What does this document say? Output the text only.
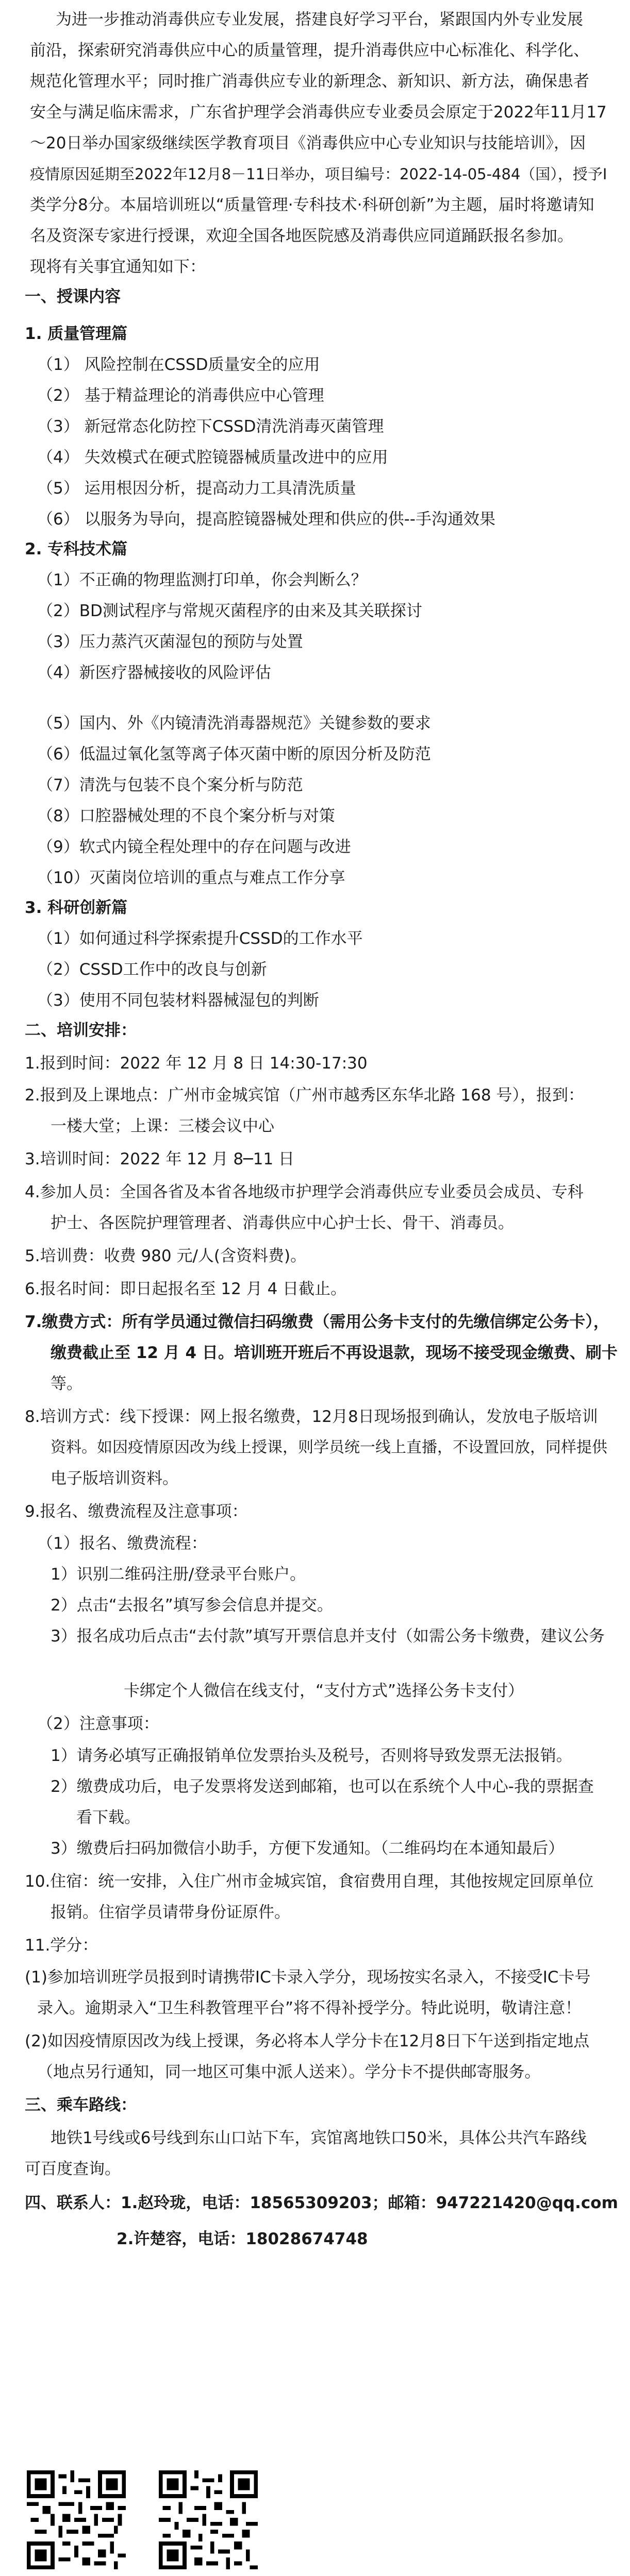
为进一步推动消毒供应专业发展，搭建良好学习平台，紧跟国内外专业发展
前沿，探索研究消毒供应中心的质量管理，提升消毒供应中心标准化、科学化、
规范化管理水平；同时推广消毒供应专业的新理念、新知识、新方法，确保患者
安全与满足临床需求，广东省护理学会消毒供应专业委员会原定于2022年11月17
～20日举办国家级继续医学教育项目《消毒供应中心专业知识与技能培训》，因
疫情原因延期至2022年12月8－11日举办，项目编号：2022-14-05-484（国），授予I
类学分8分。本届培训班以“质量管理·专科技术·科研创新”为主题，届时将邀请知
名及资深专家进行授课，欢迎全国各地医院感及消毒供应同道踊跃报名参加。
现将有关事宜通知如下：
一、授课内容
1. 质量管理篇
（1） 风险控制在CSSD质量安全的应用
（2） 基于精益理论的消毒供应中心管理
（3） 新冠常态化防控下CSSD清洗消毒灭菌管理
（4） 失效模式在硬式腔镜器械质量改进中的应用
（5） 运用根因分析，提高动力工具清洗质量
（6） 以服务为导向，提高腔镜器械处理和供应的供--手沟通效果
2. 专科技术篇
（1）不正确的物理监测打印单，你会判断么？
（2）BD测试程序与常规灭菌程序的由来及其关联探讨
（3）压力蒸汽灭菌湿包的预防与处置
（4）新医疗器械接收的风险评估
（5）国内、外《内镜清洗消毒器规范》关键参数的要求
（6）低温过氧化氢等离子体灭菌中断的原因分析及防范
（7）清洗与包装不良个案分析与防范
（8）口腔器械处理的不良个案分析与对策
（9）软式内镜全程处理中的存在问题与改进
（10）灭菌岗位培训的重点与难点工作分享
3. 科研创新篇
（1）如何通过科学探索提升CSSD的工作水平
（2）CSSD工作中的改良与创新
（3）使用不同包装材料器械湿包的判断
二、培训安排：
1.报到时间：2022 年 12 月 8 日 14:30-17:30
2.报到及上课地点：广州市金城宾馆（广州市越秀区东华北路 168 号），报到：
一楼大堂；上课：三楼会议中心
3.培训时间：2022 年 12 月 8─11 日
4.参加人员：全国各省及本省各地级市护理学会消毒供应专业委员会成员、专科
护士、各医院护理管理者、消毒供应中心护士长、骨干、消毒员。
5.培训费：收费 980 元/人(含资料费)。
6.报名时间：即日起报名至 12 月 4 日截止。
7.缴费方式：所有学员通过微信扫码缴费（需用公务卡支付的先缴信绑定公务卡），
缴费截止至 12 月 4 日。培训班开班后不再设退款，现场不接受现金缴费、刷卡
等。
8.培训方式：线下授课：网上报名缴费，12月8日现场报到确认，发放电子版培训
资料。如因疫情原因改为线上授课，则学员统一线上直播，不设置回放，同样提供
电子版培训资料。
9.报名、缴费流程及注意事项：
（1）报名、缴费流程：
1）识别二维码注册/登录平台账户。
2）点击“去报名”填写参会信息并提交。
3）报名成功后点击“去付款”填写开票信息并支付（如需公务卡缴费，建议公务
卡绑定个人微信在线支付，“支付方式”选择公务卡支付）
（2）注意事项：
1）请务必填写正确报销单位发票抬头及税号，否则将导致发票无法报销。
2）缴费成功后，电子发票将发送到邮箱，也可以在系统个人中心-我的票据查
看下载。
3）缴费后扫码加微信小助手，方便下发通知。（二维码均在本通知最后）
10.住宿：统一安排，入住广州市金城宾馆，食宿费用自理，其他按规定回原单位
报销。住宿学员请带身份证原件。
11.学分：
(1)参加培训班学员报到时请携带IC卡录入学分，现场按实名录入，不接受IC卡号
录入。逾期录入“卫生科教管理平台”将不得补授学分。特此说明，敬请注意！
(2)如因疫情原因改为线上授课，务必将本人学分卡在12月8日下午送到指定地点
（地点另行通知，同一地区可集中派人送来）。学分卡不提供邮寄服务。
三、乘车路线：
地铁1号线或6号线到东山口站下车，宾馆离地铁口50米，具体公共汽车路线
可百度查询。
四、联系人：1.赵玲珑，电话：18565309203；邮箱：947221420@qq.com
2.许楚容，电话：18028674748
